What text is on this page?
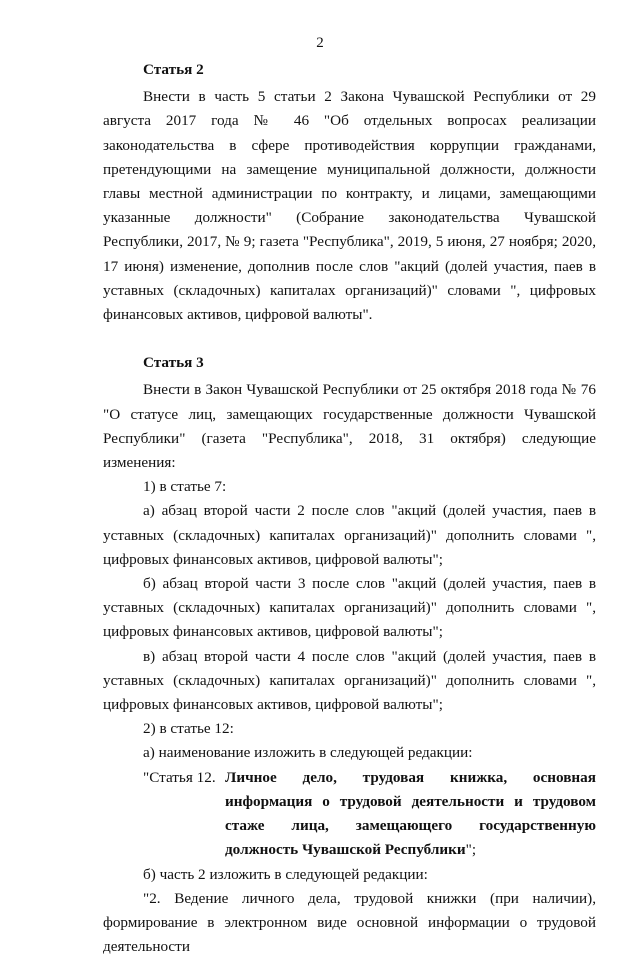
2

Статья 2

Внести в часть 5 статьи 2 Закона Чувашской Республики от 29 августа 2017 года № 46 "Об отдельных вопросах реализации законодательства в сфере противодействия коррупции гражданами, претендующими на замещение муниципальной должности, должности главы местной администрации по контракту, и лицами, замещающими указанные должности" (Собрание законодательства Чувашской Республики, 2017, № 9; газета "Республика", 2019, 5 июня, 27 ноября; 2020, 17 июня) изменение, дополнив после слов "акций (долей участия, паев в уставных (складочных) капиталах организаций)" словами ", цифровых финансовых активов, цифровой валюты".

Статья 3

Внести в Закон Чувашской Республики от 25 октября 2018 года № 76 "О статусе лиц, замещающих государственные должности Чувашской Республики" (газета "Республика", 2018, 31 октября) следующие изменения:

1) в статье 7:

а) абзац второй части 2 после слов "акций (долей участия, паев в уставных (складочных) капиталах организаций)" дополнить словами ", цифровых финансовых активов, цифровой валюты";

б) абзац второй части 3 после слов "акций (долей участия, паев в уставных (складочных) капиталах организаций)" дополнить словами ", цифровых финансовых активов, цифровой валюты";

в) абзац второй части 4 после слов "акций (долей участия, паев в уставных (складочных) капиталах организаций)" дополнить словами ", цифровых финансовых активов, цифровой валюты";

2) в статье 12:

а) наименование изложить в следующей редакции:

"Статья 12. Личное дело, трудовая книжка, основная информация о трудовой деятельности и трудовом стаже лица, замещающего государственную должность Чувашской Республики";

б) часть 2 изложить в следующей редакции:

"2. Ведение личного дела, трудовой книжки (при наличии), формирование в электронном виде основной информации о трудовой деятельности
